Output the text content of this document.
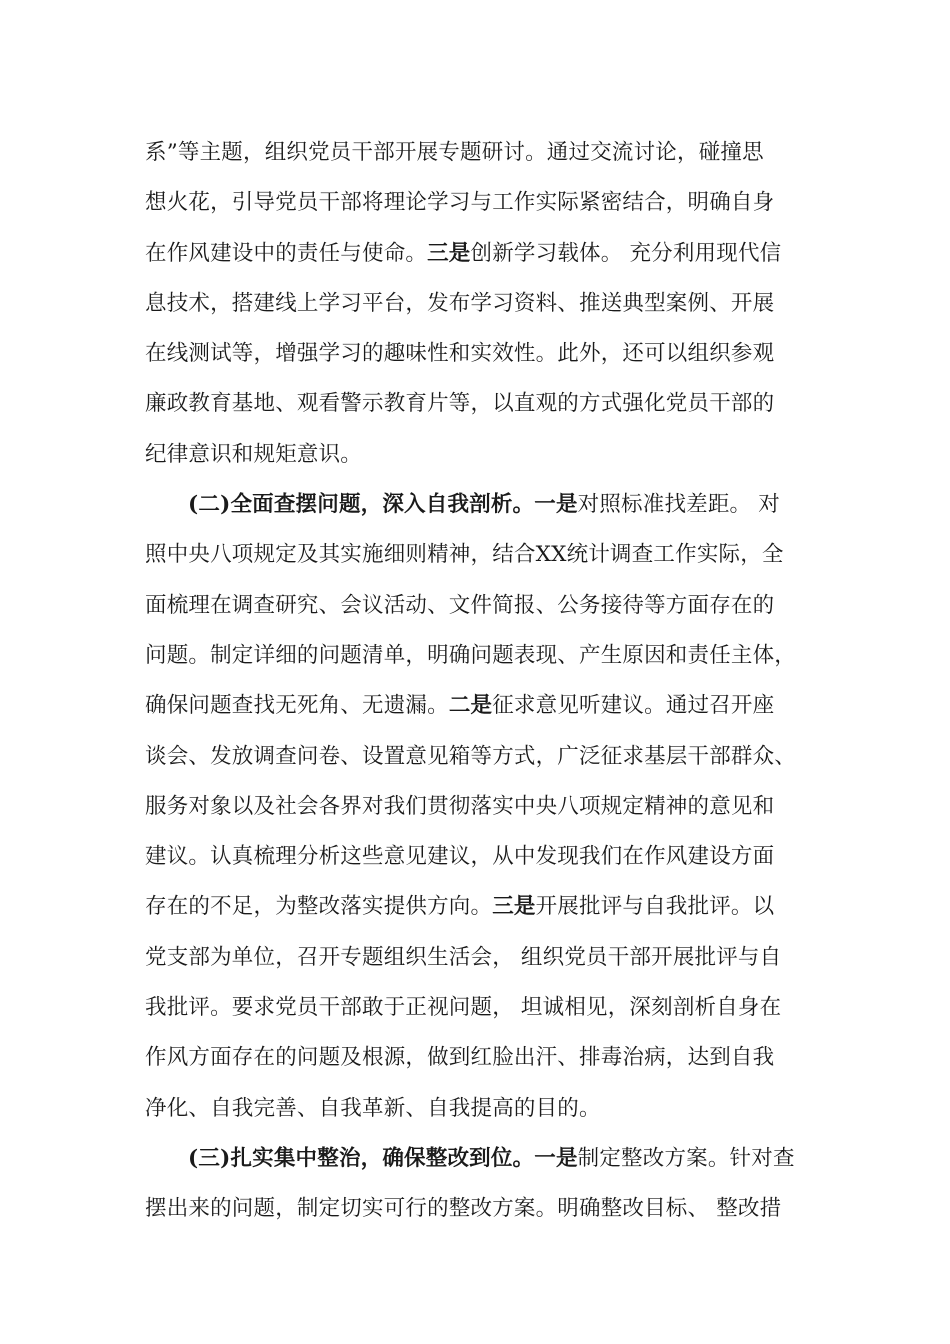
系”等主题，组织党员干部开展专题研讨。通过交流讨论，碰撞思
想火花，引导党员干部将理论学习与工作实际紧密结合，明确自身
在作风建设中的责任与使命。三是创新学习载体。 充分利用现代信
息技术，搭建线上学习平台，发布学习资料、推送典型案例、开展
在线测试等，增强学习的趣味性和实效性。此外，还可以组织参观
廉政教育基地、观看警示教育片等，以直观的方式强化党员干部的
纪律意识和规矩意识。
(二)全面查摆问题，深入自我剖析。一是对照标准找差距。 对
照中央八项规定及其实施细则精神，结合XX统计调查工作实际，全
面梳理在调查研究、会议活动、文件简报、公务接待等方面存在的
问题。制定详细的问题清单，明确问题表现、产生原因和责任主体，
确保问题查找无死角、无遗漏。二是征求意见听建议。通过召开座
谈会、发放调查问卷、设置意见箱等方式，广泛征求基层干部群众、
服务对象以及社会各界对我们贯彻落实中央八项规定精神的意见和
建议。认真梳理分析这些意见建议，从中发现我们在作风建设方面
存在的不足，为整改落实提供方向。三是开展批评与自我批评。以
党支部为单位，召开专题组织生活会， 组织党员干部开展批评与自
我批评。要求党员干部敢于正视问题， 坦诚相见，深刻剖析自身在
作风方面存在的问题及根源，做到红脸出汗、排毒治病，达到自我
净化、自我完善、自我革新、自我提高的目的。
(三)扎实集中整治，确保整改到位。一是制定整改方案。针对查
摆出来的问题，制定切实可行的整改方案。明确整改目标、 整改措
